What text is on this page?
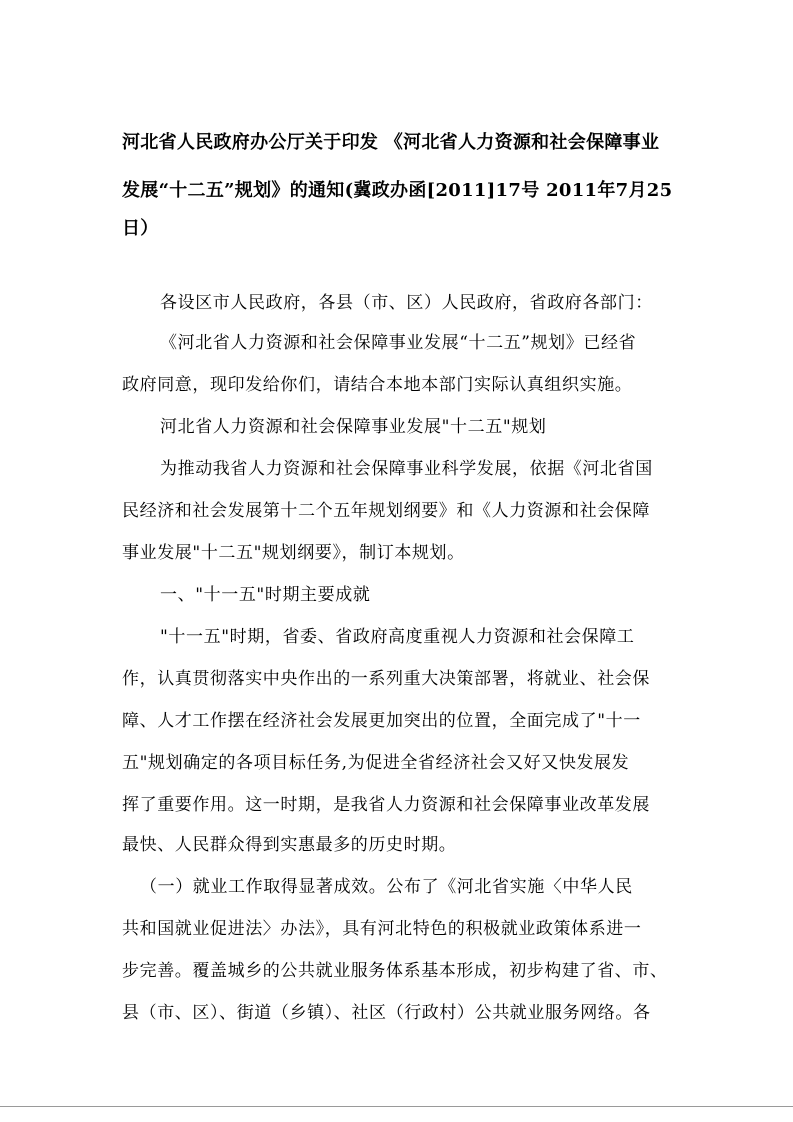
河北省人民政府办公厅关于印发 《河北省人力资源和社会保障事业
发展“十二五”规划》的通知(冀政办函[2011]17号 2011年7月25
日）
各设区市人民政府，各县（市、区）人民政府，省政府各部门：
《河北省人力资源和社会保障事业发展“十二五”规划》已经省
政府同意，现印发给你们，请结合本地本部门实际认真组织实施。
河北省人力资源和社会保障事业发展"十二五"规划
为推动我省人力资源和社会保障事业科学发展，依据《河北省国
民经济和社会发展第十二个五年规划纲要》和《人力资源和社会保障
事业发展"十二五"规划纲要》，制订本规划。
一、"十一五"时期主要成就
"十一五"时期，省委、省政府高度重视人力资源和社会保障工
作，认真贯彻落实中央作出的一系列重大决策部署，将就业、社会保
障、人才工作摆在经济社会发展更加突出的位置，全面完成了"十一
五"规划确定的各项目标任务,为促进全省经济社会又好又快发展发
挥了重要作用。这一时期，是我省人力资源和社会保障事业改革发展
最快、人民群众得到实惠最多的历史时期。
（一）就业工作取得显著成效。公布了《河北省实施〈中华人民
共和国就业促进法〉办法》，具有河北特色的积极就业政策体系进一
步完善。覆盖城乡的公共就业服务体系基本形成，初步构建了省、市、
县（市、区）、街道（乡镇）、社区（行政村）公共就业服务网络。各
